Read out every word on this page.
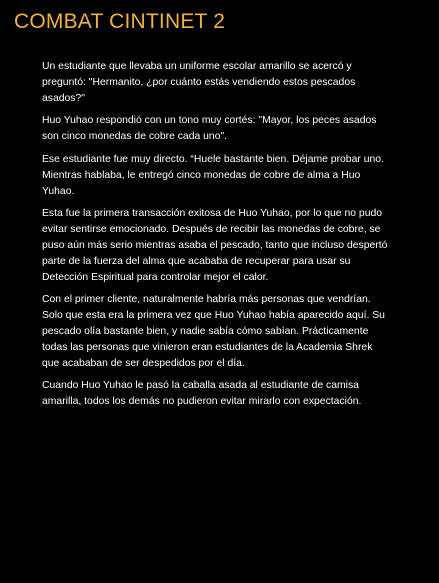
COMBAT CINTINET 2

Un estudiante que llevaba un uniforme escolar amarillo se acercó y preguntó: "Hermanito, ¿por cuánto estás vendiendo estos pescados asados?"

Huo Yuhao respondió con un tono muy cortés: "Mayor, los peces asados son cinco monedas de cobre cada uno".

Ese estudiante fue muy directo. “Huele bastante bien. Déjame probar uno. Mientras hablaba, le entregó cinco monedas de cobre de alma a Huo Yuhao.

Esta fue la primera transacción exitosa de Huo Yuhao, por lo que no pudo evitar sentirse emocionado. Después de recibir las monedas de cobre, se puso aún más serio mientras asaba el pescado, tanto que incluso despertó parte de la fuerza del alma que acababa de recuperar para usar su Detección Espiritual para controlar mejor el calor.

Con el primer cliente, naturalmente habría más personas que vendrían. Solo que esta era la primera vez que Huo Yuhao había aparecido aquí. Su pescado olía bastante bien, y nadie sabía cómo sabían. Prácticamente todas las personas que vinieron eran estudiantes de la Academia Shrek que acababan de ser despedidos por el día.

Cuando Huo Yuhao le pasó la caballa asada al estudiante de camisa amarilla, todos los demás no pudieron evitar mirarlo con expectación.
